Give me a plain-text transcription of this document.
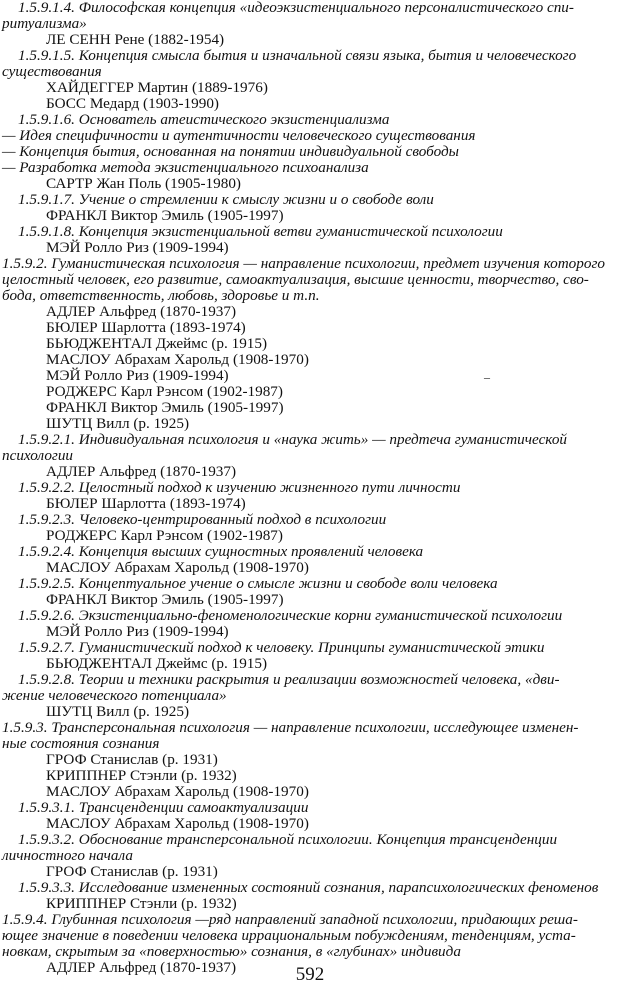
1.5.9.1.4. Философская концепция «идеоэкзистенциального персоналистического спи-
ритуализма»
ЛЕ СЕНН Рене (1882-1954)
1.5.9.1.5. Концепция смысла бытия и изначальной связи языка, бытия и человеческого
существования
ХАЙДЕГГЕР Мартин (1889-1976)
БОСС Медард (1903-1990)
1.5.9.1.6. Основатель атеистического экзистенциализма
— Идея специфичности и аутентичности человеческого существования
— Концепция бытия, основанная на понятии индивидуальной свободы
— Разработка метода экзистенциального психоанализа
САРТР Жан Поль (1905-1980)
1.5.9.1.7. Учение о стремлении к смыслу жизни и о свободе воли
ФРАНКЛ Виктор Эмиль (1905-1997)
1.5.9.1.8. Концепция экзистенциальной ветви гуманистической психологии
МЭЙ Ролло Риз (1909-1994)
1.5.9.2. Гуманистическая психология — направление психологии, предмет изучения которого
целостный человек, его развитие, самоактуализация, высшие ценности, творчество, сво-
бода, ответственность, любовь, здоровье и т.п.
АДЛЕР Альфред (1870-1937)
БЮЛЕР Шарлотта (1893-1974)
БЬЮДЖЕНТАЛ Джеймс (р. 1915)
МАСЛОУ Абрахам Харольд (1908-1970)
МЭЙ Ролло Риз (1909-1994)
РОДЖЕРС Карл Рэнсом (1902-1987)
ФРАНКЛ Виктор Эмиль (1905-1997)
ШУТЦ Вилл (р. 1925)
1.5.9.2.1. Индивидуальная психология и «наука жить» — предтеча гуманистической
психологии
АДЛЕР Альфред (1870-1937)
1.5.9.2.2. Целостный подход к изучению жизненного пути личности
БЮЛЕР Шарлотта (1893-1974)
1.5.9.2.3. Человеко-центрированный подход в психологии
РОДЖЕРС Карл Рэнсом (1902-1987)
1.5.9.2.4. Концепция высших сущностных проявлений человека
МАСЛОУ Абрахам Харольд (1908-1970)
1.5.9.2.5. Концептуальное учение о смысле жизни и свободе воли человека
ФРАНКЛ Виктор Эмиль (1905-1997)
1.5.9.2.6. Экзистенциально-феноменологические корни гуманистической психологии
МЭЙ Ролло Риз (1909-1994)
1.5.9.2.7. Гуманистический подход к человеку. Принципы гуманистической этики
БЬЮДЖЕНТАЛ Джеймс (р. 1915)
1.5.9.2.8. Теории и техники раскрытия и реализации возможностей человека, «дви-
жение человеческого потенциала»
ШУТЦ Вилл (р. 1925)
1.5.9.3. Трансперсональная психология — направление психологии, исследующее изменен-
ные состояния сознания
ГРОФ Станислав (р. 1931)
КРИППНЕР Стэнли (р. 1932)
МАСЛОУ Абрахам Харольд (1908-1970)
1.5.9.3.1. Трансценденции самоактуализации
МАСЛОУ Абрахам Харольд (1908-1970)
1.5.9.3.2. Обоснование трансперсональной психологии. Концепция трансценденции
личностного начала
ГРОФ Станислав (р. 1931)
1.5.9.3.3. Исследование измененных состояний сознания, парапсихологических феноменов
КРИППНЕР Стэнли (р. 1932)
1.5.9.4. Глубинная психология —ряд направлений западной психологии, придающих реша-
ющее значение в поведении человека иррациональным побуждениям, тенденциям, уста-
новкам, скрытым за «поверхностью» сознания, в «глубинах» индивида
АДЛЕР Альфред (1870-1937)
–
592
